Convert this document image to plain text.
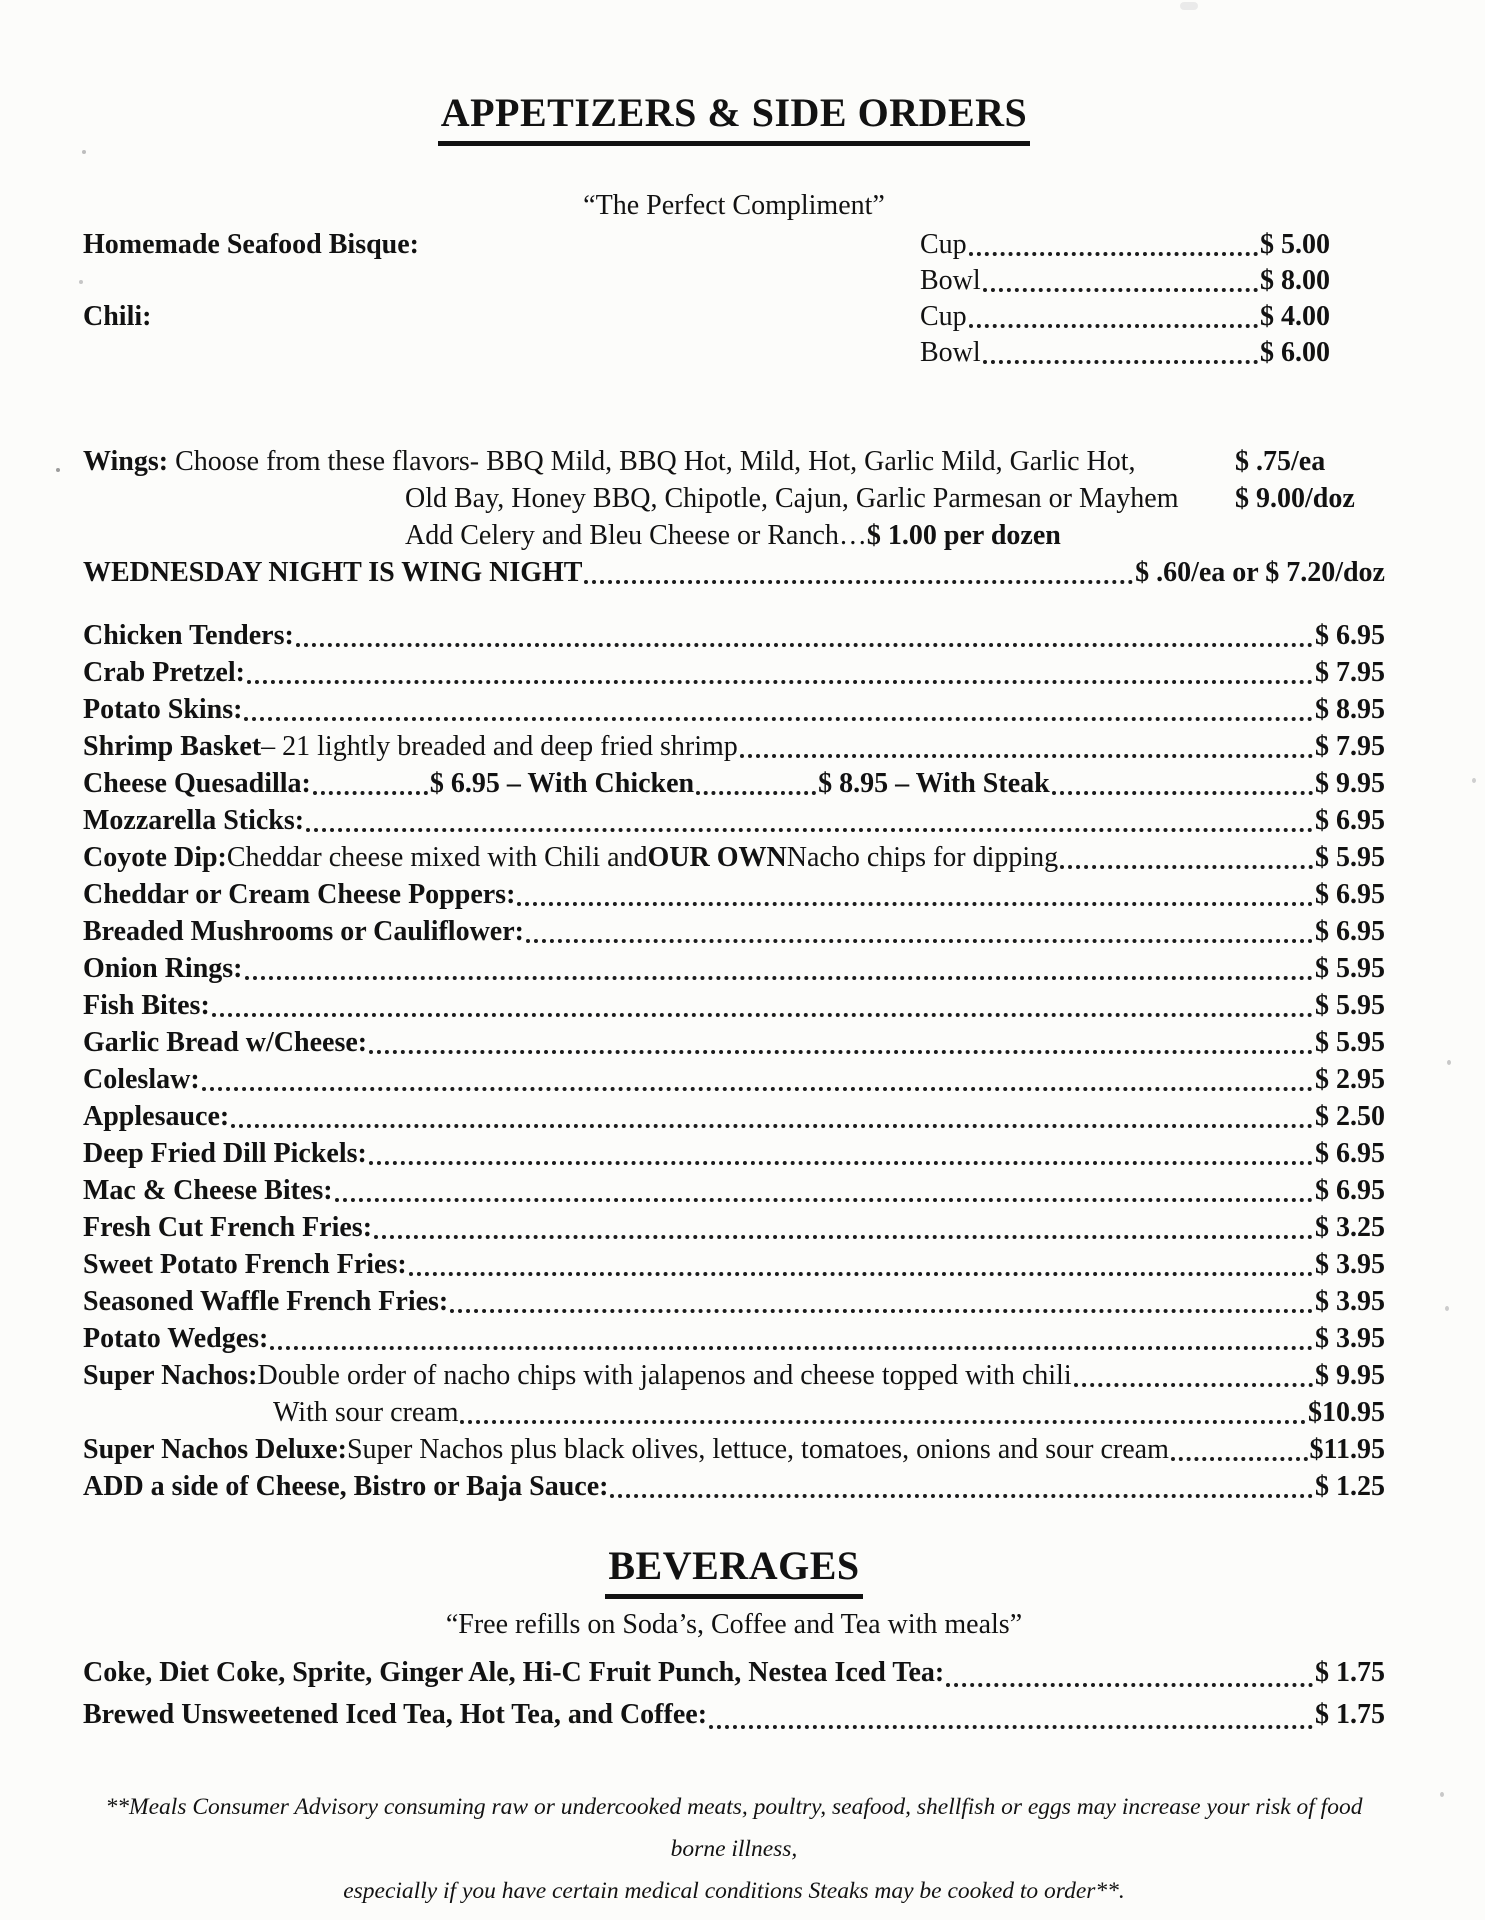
APPETIZERS & SIDE ORDERS
“The Perfect Compliment”
Homemade Seafood Bisque:	Cup	$ 5.00
Bowl	$ 8.00
Chili:	Cup	$ 4.00
Bowl	$ 6.00
Wings: Choose from these flavors- BBQ Mild, BBQ Hot, Mild, Hot, Garlic Mild, Garlic Hot,	$ .75/ea
Old Bay, Honey BBQ, Chipotle, Cajun, Garlic Parmesan or Mayhem	$ 9.00/doz
Add Celery and Bleu Cheese or Ranch…$ 1.00 per dozen
WEDNESDAY NIGHT IS WING NIGHT	$ .60/ea or $ 7.20/doz
Chicken Tenders:	$ 6.95
Crab Pretzel:	$ 7.95
Potato Skins:	$ 8.95
Shrimp Basket – 21 lightly breaded and deep fried shrimp	$ 7.95
Cheese Quesadilla:	$ 6.95 – With Chicken	$ 8.95 – With Steak	$ 9.95
Mozzarella Sticks:	$ 6.95
Coyote Dip: Cheddar cheese mixed with Chili and OUR OWN Nacho chips for dipping	$ 5.95
Cheddar or Cream Cheese Poppers:	$ 6.95
Breaded Mushrooms or Cauliflower:	$ 6.95
Onion Rings:	$ 5.95
Fish Bites:	$ 5.95
Garlic Bread w/Cheese:	$ 5.95
Coleslaw:	$ 2.95
Applesauce:	$ 2.50
Deep Fried Dill Pickels:	$ 6.95
Mac & Cheese Bites:	$ 6.95
Fresh Cut French Fries:	$ 3.25
Sweet Potato French Fries:	$ 3.95
Seasoned Waffle French Fries:	$ 3.95
Potato Wedges:	$ 3.95
Super Nachos: Double order of nacho chips with jalapenos and cheese topped with chili	$ 9.95
With sour cream	$10.95
Super Nachos Deluxe: Super Nachos plus black olives, lettuce, tomatoes, onions and sour cream	$11.95
ADD a side of Cheese, Bistro or Baja Sauce:	$ 1.25
BEVERAGES
“Free refills on Soda’s, Coffee and Tea with meals”
Coke, Diet Coke, Sprite, Ginger Ale, Hi-C Fruit Punch, Nestea Iced Tea:	$ 1.75
Brewed Unsweetened Iced Tea, Hot Tea, and Coffee:	$ 1.75
**Meals Consumer Advisory consuming raw or undercooked meats, poultry, seafood, shellfish or eggs may increase your risk of food borne illness,
especially if you have certain medical conditions Steaks may be cooked to order**.
